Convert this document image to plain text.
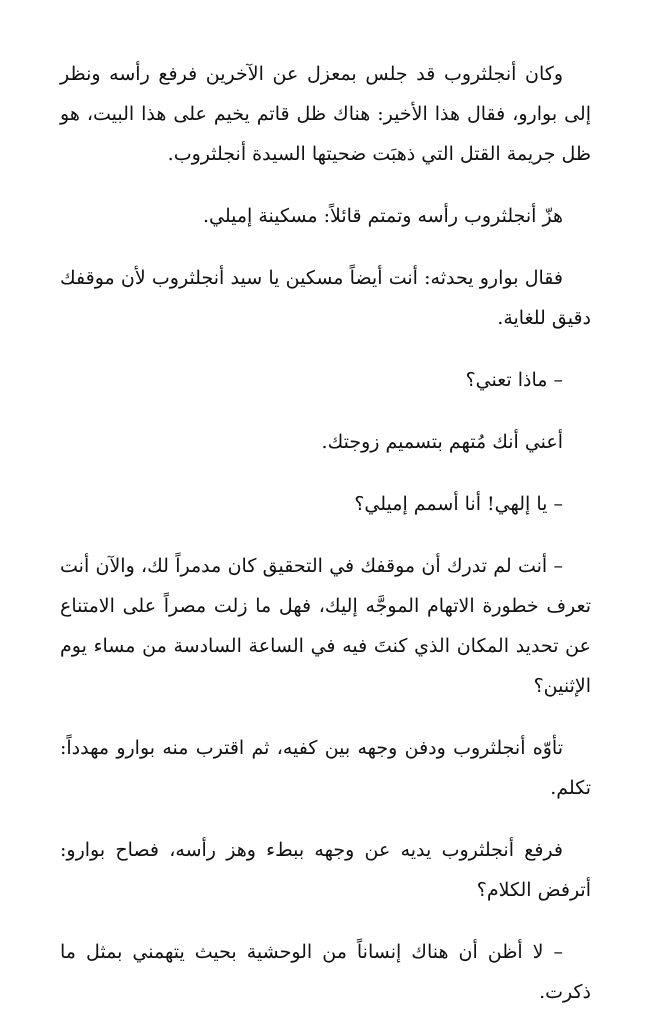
وكان أنجلثروب قد جلس بمعزل عن الآخرين فرفع رأسه ونظر إلى بوارو، فقال هذا الأخير: هناك ظل قاتم يخيم على هذا البيت، هو ظل جريمة القتل التي ذهبَت ضحيتها السيدة أنجلثروب.

هزّ أنجلثروب رأسه وتمتم قائلاً: مسكينة إميلي.

فقال بوارو يحدثه: أنت أيضاً مسكين يا سيد أنجلثروب لأن موقفك دقيق للغاية.

– ماذا تعني؟

أعني أنك مُتهم بتسميم زوجتك.

– يا إلهي! أنا أسمم إميلي؟

– أنت لم تدرك أن موقفك في التحقيق كان مدمراً لك، والآن أنت تعرف خطورة الاتهام الموجَّه إليك، فهل ما زلت مصراً على الامتناع عن تحديد المكان الذي كنتَ فيه في الساعة السادسة من مساء يوم الإثنين؟

تأوّه أنجلثروب ودفن وجهه بين كفيه، ثم اقترب منه بوارو مهدداً: تكلم.

فرفع أنجلثروب يديه عن وجهه ببطء وهز رأسه، فصاح بوارو: أترفض الكلام؟

– لا أظن أن هناك إنساناً من الوحشية بحيث يتهمني بمثل ما ذكرت.
